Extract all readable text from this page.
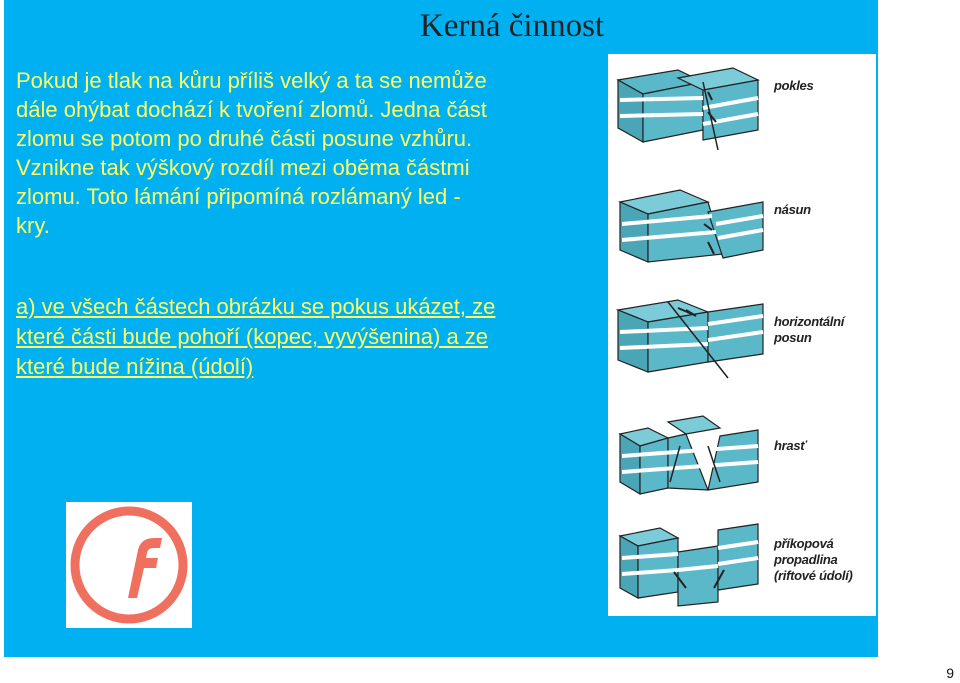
Kerná činnost

Pokud je tlak na kůru příliš velký a ta se nemůže

dále ohýbat dochází k tvoření zlomů. Jedna část

zlomu se potom po druhé části posune vzhůru.

Vznikne tak výškový rozdíl mezi oběma částmi

zlomu. Toto lámání připomíná rozlámaný led -

kry.

a) ve všech částech obrázku se pokus ukázet, ze

které části bude pohoří (kopec, vyvýšenina) a ze

které bude nížina (údolí)

pokles
násun
horizontální
posun
hrasť
příkopová
propadlina
(riftové údolí)
9
